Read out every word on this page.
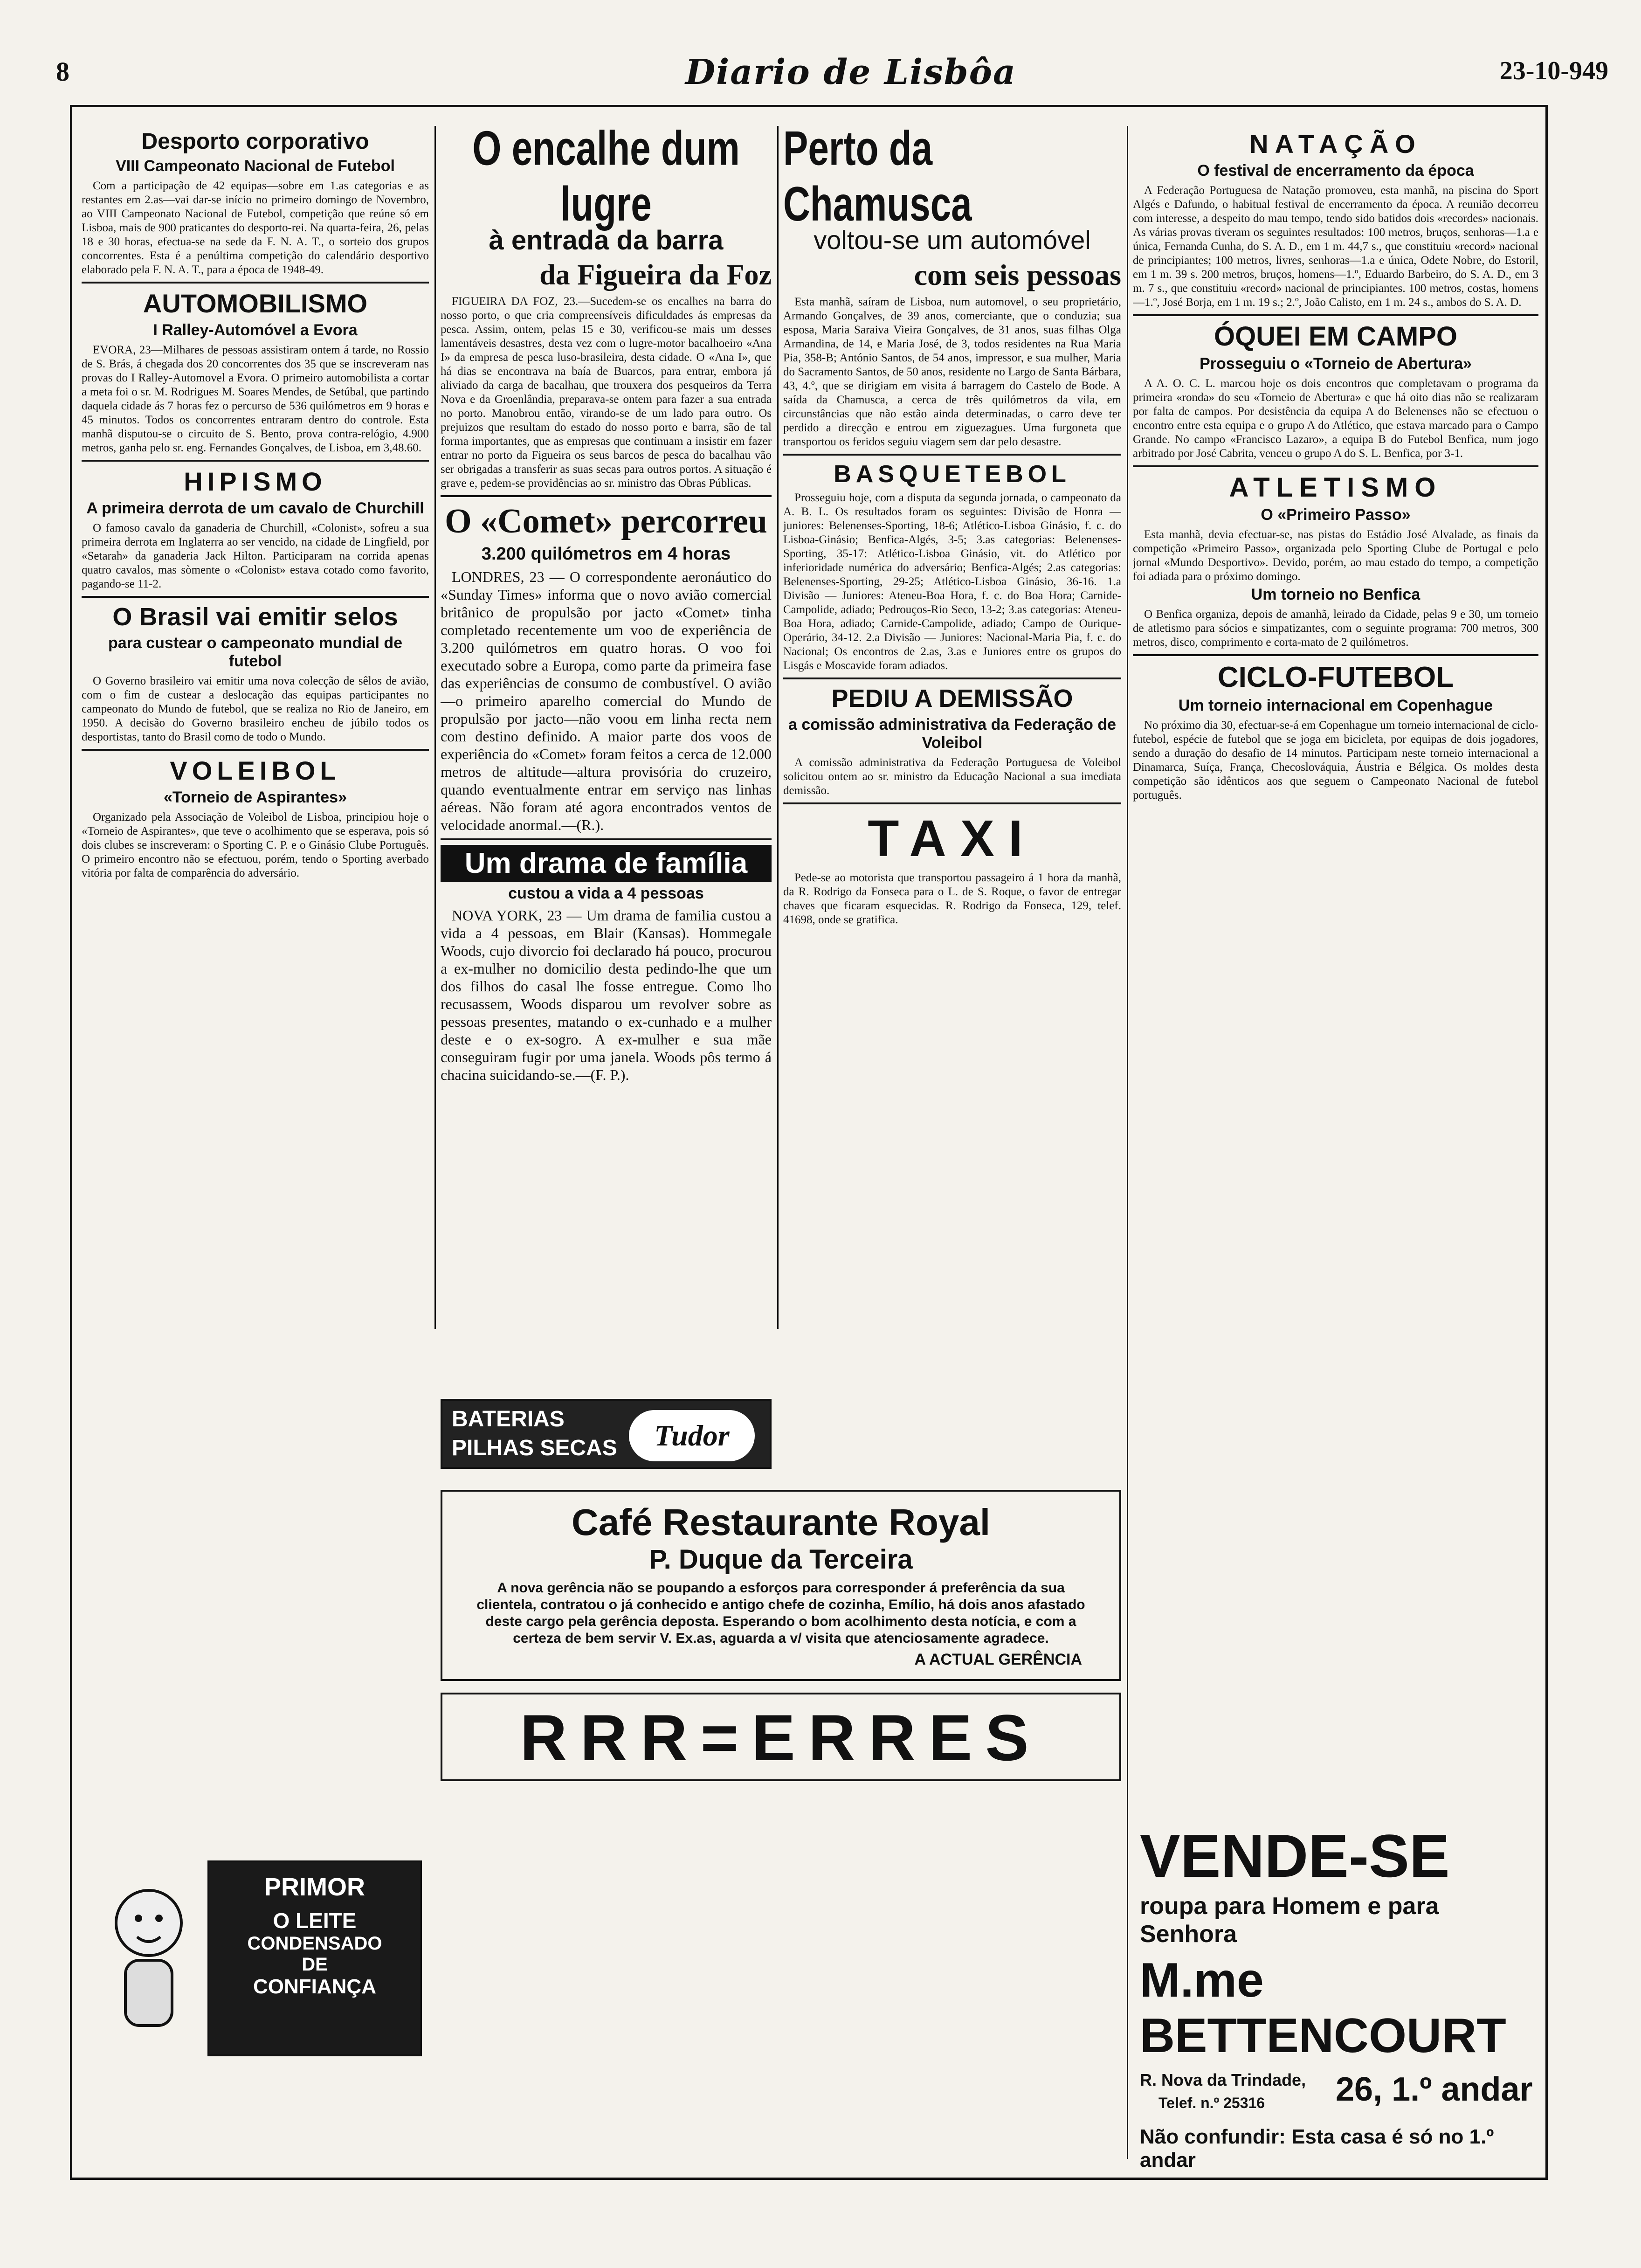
8	Diario de Lisbôa	23-10-949
Desporto corporativo
VIII Campeonato Nacional de Futebol

Com a participação de 42 equipas—sobre em 1.as categorias e as restantes em 2.as—vai dar-se início no primeiro domingo de Novembro, ao VIII Campeonato Nacional de Futebol, competição que reúne só em Lisboa, mais de 900 praticantes do desporto-rei. Na quarta-feira, 26, pelas 18 e 30 horas, efectua-se na sede da F. N. A. T., o sorteio dos grupos concorrentes. Esta é a penúltima competição do calendário desportivo elaborado pela F. N. A. T., para a época de 1948-49.

AUTOMOBILISMO
I Ralley-Automóvel a Evora

EVORA, 23—Milhares de pessoas assistiram ontem á tarde, no Rossio de S. Brás, á chegada dos 20 concorrentes dos 35 que se inscreveram nas provas do I Ralley-Automovel a Evora. O primeiro automobilista a cortar a meta foi o sr. M. Rodrigues M. Soares Mendes, de Setúbal, que partindo daquela cidade ás 7 horas fez o percurso de 536 quilómetros em 9 horas e 45 minutos. Todos os concorrentes entraram dentro do controle. Esta manhã disputou-se o circuito de S. Bento, prova contra-relógio, 4.900 metros, ganha pelo sr. eng. Fernandes Gonçalves, de Lisboa, em 3,48.60.

HIPISMO
A primeira derrota de um cavalo de Churchill

O famoso cavalo da ganaderia de Churchill, «Colonist», sofreu a sua primeira derrota em Inglaterra ao ser vencido, na cidade de Lingfield, por «Setarah» da ganaderia Jack Hilton. Participaram na corrida apenas quatro cavalos, mas sòmente o «Colonist» estava cotado como favorito, pagando-se 11-2.

O Brasil vai emitir selos
para custear o campeonato mundial de futebol

O Governo brasileiro vai emitir uma nova colecção de sêlos de avião, com o fim de custear a deslocação das equipas participantes no campeonato do Mundo de futebol, que se realiza no Rio de Janeiro, em 1950. A decisão do Governo brasileiro encheu de júbilo todos os desportistas, tanto do Brasil como de todo o Mundo.

VOLEIBOL
«Torneio de Aspirantes»

Organizado pela Associação de Voleibol de Lisboa, principiou hoje o «Torneio de Aspirantes», que teve o acolhimento que se esperava, pois só dois clubes se inscreveram: o Sporting C. P. e o Ginásio Clube Português. O primeiro encontro não se efectuou, porém, tendo o Sporting averbado vitória por falta de comparência do adversário.

PRIMOR
O LEITE
CONDENSADO
DE
CONFIANÇA
O encalhe dum lugre
à entrada da barra
da Figueira da Foz

FIGUEIRA DA FOZ, 23.—Sucedem-se os encalhes na barra do nosso porto, o que cria compreensíveis dificuldades ás empresas da pesca. Assim, ontem, pelas 15 e 30, verificou-se mais um desses lamentáveis desastres, desta vez com o lugre-motor bacalhoeiro «Ana I» da empresa de pesca luso-brasileira, desta cidade. O «Ana I», que há dias se encontrava na baía de Buarcos, para entrar, embora já aliviado da carga de bacalhau, que trouxera dos pesqueiros da Terra Nova e da Groenlândia, preparava-se ontem para fazer a sua entrada no porto. Manobrou então, virando-se de um lado para outro. Os prejuizos que resultam do estado do nosso porto e barra, são de tal forma importantes, que as empresas que continuam a insistir em fazer entrar no porto da Figueira os seus barcos de pesca do bacalhau vão ser obrigadas a transferir as suas secas para outros portos. A situação é grave e, pedem-se providências ao sr. ministro das Obras Públicas.

O «Comet» percorreu
3.200 quilómetros em 4 horas

LONDRES, 23 — O correspondente aeronáutico do «Sunday Times» informa que o novo avião comercial britânico de propulsão por jacto «Comet» tinha completado recentemente um voo de experiência de 3.200 quilómetros em quatro horas. O voo foi executado sobre a Europa, como parte da primeira fase das experiências de consumo de combustível. O avião—o primeiro aparelho comercial do Mundo de propulsão por jacto—não voou em linha recta nem com destino definido. A maior parte dos voos de experiência do «Comet» foram feitos a cerca de 12.000 metros de altitude—altura provisória do cruzeiro, quando eventualmente entrar em serviço nas linhas aéreas. Não foram até agora encontrados ventos de velocidade anormal.—(R.).

Um drama de família
custou a vida a 4 pessoas

NOVA YORK, 23 — Um drama de familia custou a vida a 4 pessoas, em Blair (Kansas). Hommegale Woods, cujo divorcio foi declarado há pouco, procurou a ex-mulher no domicilio desta pedindo-lhe que um dos filhos do casal lhe fosse entregue. Como lho recusassem, Woods disparou um revolver sobre as pessoas presentes, matando o ex-cunhado e a mulher deste e o ex-sogro. A ex-mulher e sua mãe conseguiram fugir por uma janela. Woods pôs termo á chacina suicidando-se.—(F. P.).

BATERIAS
PILHAS SECAS	Tudor
Perto da Chamusca
voltou-se um automóvel
com seis pessoas

Esta manhã, saíram de Lisboa, num automovel, o seu proprietário, Armando Gonçalves, de 39 anos, comerciante, que o conduzia; sua esposa, Maria Saraiva Vieira Gonçalves, de 31 anos, suas filhas Olga Armandina, de 14, e Maria José, de 3, todos residentes na Rua Maria Pia, 358-B; António Santos, de 54 anos, impressor, e sua mulher, Maria do Sacramento Santos, de 50 anos, residente no Largo de Santa Bárbara, 43, 4.º, que se dirigiam em visita á barragem do Castelo de Bode. A saída da Chamusca, a cerca de três quilómetros da vila, em circunstâncias que não estão ainda determinadas, o carro deve ter perdido a direcção e entrou em ziguezagues. Uma furgoneta que transportou os feridos seguiu viagem sem dar pelo desastre.

BASQUETEBOL

Prosseguiu hoje, com a disputa da segunda jornada, o campeonato da A. B. L. Os resultados foram os seguintes: Divisão de Honra — juniores: Belenenses-Sporting, 18-6; Atlético-Lisboa Ginásio, f. c. do Lisboa-Ginásio; Benfica-Algés, 3-5; 3.as categorias: Belenenses-Sporting, 35-17: Atlético-Lisboa Ginásio, vit. do Atlético por inferioridade numérica do adversário; Benfica-Algés; 2.as categorias: Belenenses-Sporting, 29-25; Atlético-Lisboa Ginásio, 36-16. 1.a Divisão — Juniores: Ateneu-Boa Hora, f. c. do Boa Hora; Carnide-Campolide, adiado; Pedrouços-Rio Seco, 13-2; 3.as categorias: Ateneu-Boa Hora, adiado; Carnide-Campolide, adiado; Campo de Ourique-Operário, 34-12. 2.a Divisão — Juniores: Nacional-Maria Pia, f. c. do Nacional; Os encontros de 2.as, 3.as e Juniores entre os grupos do Lisgás e Moscavide foram adiados.

PEDIU A DEMISSÃO
a comissão administrativa da Federação de Voleibol

A comissão administrativa da Federação Portuguesa de Voleibol solicitou ontem ao sr. ministro da Educação Nacional a sua imediata demissão.

TAXI

Pede-se ao motorista que transportou passageiro á 1 hora da manhã, da R. Rodrigo da Fonseca para o L. de S. Roque, o favor de entregar chaves que ficaram esquecidas. R. Rodrigo da Fonseca, 129, telef. 41698, onde se gratifica.

Café Restaurante Royal
P. Duque da Terceira
A nova gerência não se poupando a esforços para corresponder á preferência da sua clientela, contratou o já conhecido e antigo chefe de cozinha, Emílio, há dois anos afastado deste cargo pela gerência deposta. Esperando o bom acolhimento desta notícia, e com a certeza de bem servir V. Ex.as, aguarda a v/ visita que atenciosamente agradece.
A ACTUAL GERÊNCIA
RRR=ERRES
NATAÇÃO
O festival de encerramento da época

A Federação Portuguesa de Natação promoveu, esta manhã, na piscina do Sport Algés e Dafundo, o habitual festival de encerramento da época. A reunião decorreu com interesse, a despeito do mau tempo, tendo sido batidos dois «recordes» nacionais. As várias provas tiveram os seguintes resultados: 100 metros, bruços, senhoras—1.a e única, Fernanda Cunha, do S. A. D., em 1 m. 44,7 s., que constituiu «record» nacional de principiantes; 100 metros, livres, senhoras—1.a e única, Odete Nobre, do Estoril, em 1 m. 39 s. 200 metros, bruços, homens—1.º, Eduardo Barbeiro, do S. A. D., em 3 m. 7 s., que constituiu «record» nacional de principiantes. 100 metros, costas, homens—1.º, José Borja, em 1 m. 19 s.; 2.º, João Calisto, em 1 m. 24 s., ambos do S. A. D.

ÓQUEI EM CAMPO
Prosseguiu o «Torneio de Abertura»

A A. O. C. L. marcou hoje os dois encontros que completavam o programa da primeira «ronda» do seu «Torneio de Abertura» e que há oito dias não se realizaram por falta de campos. Por desistência da equipa A do Belenenses não se efectuou o encontro entre esta equipa e o grupo A do Atlético, que estava marcado para o Campo Grande. No campo «Francisco Lazaro», a equipa B do Futebol Benfica, num jogo arbitrado por José Cabrita, venceu o grupo A do S. L. Benfica, por 3-1.

ATLETISMO
O «Primeiro Passo»

Esta manhã, devia efectuar-se, nas pistas do Estádio José Alvalade, as finais da competição «Primeiro Passo», organizada pelo Sporting Clube de Portugal e pelo jornal «Mundo Desportivo». Devido, porém, ao mau estado do tempo, a competição foi adiada para o próximo domingo.

Um torneio no Benfica

O Benfica organiza, depois de amanhã, leirado da Cidade, pelas 9 e 30, um torneio de atletismo para sócios e simpatizantes, com o seguinte programa: 700 metros, 300 metros, disco, comprimento e corta-mato de 2 quilómetros.

CICLO-FUTEBOL
Um torneio internacional em Copenhague

No próximo dia 30, efectuar-se-á em Copenhague um torneio internacional de ciclo-futebol, espécie de futebol que se joga em bicicleta, por equipas de dois jogadores, sendo a duração do desafio de 14 minutos. Participam neste torneio internacional a Dinamarca, Suíça, França, Checoslováquia, Áustria e Bélgica. Os moldes desta competição são idênticos aos que seguem o Campeonato Nacional de futebol português.

VENDE-SE
roupa para Homem e para Senhora
M.me BETTENCOURT
R. Nova da Trindade,
Telef. n.º 25316 26, 1.º andar
Não confundir: Esta casa é só no 1.º andar
